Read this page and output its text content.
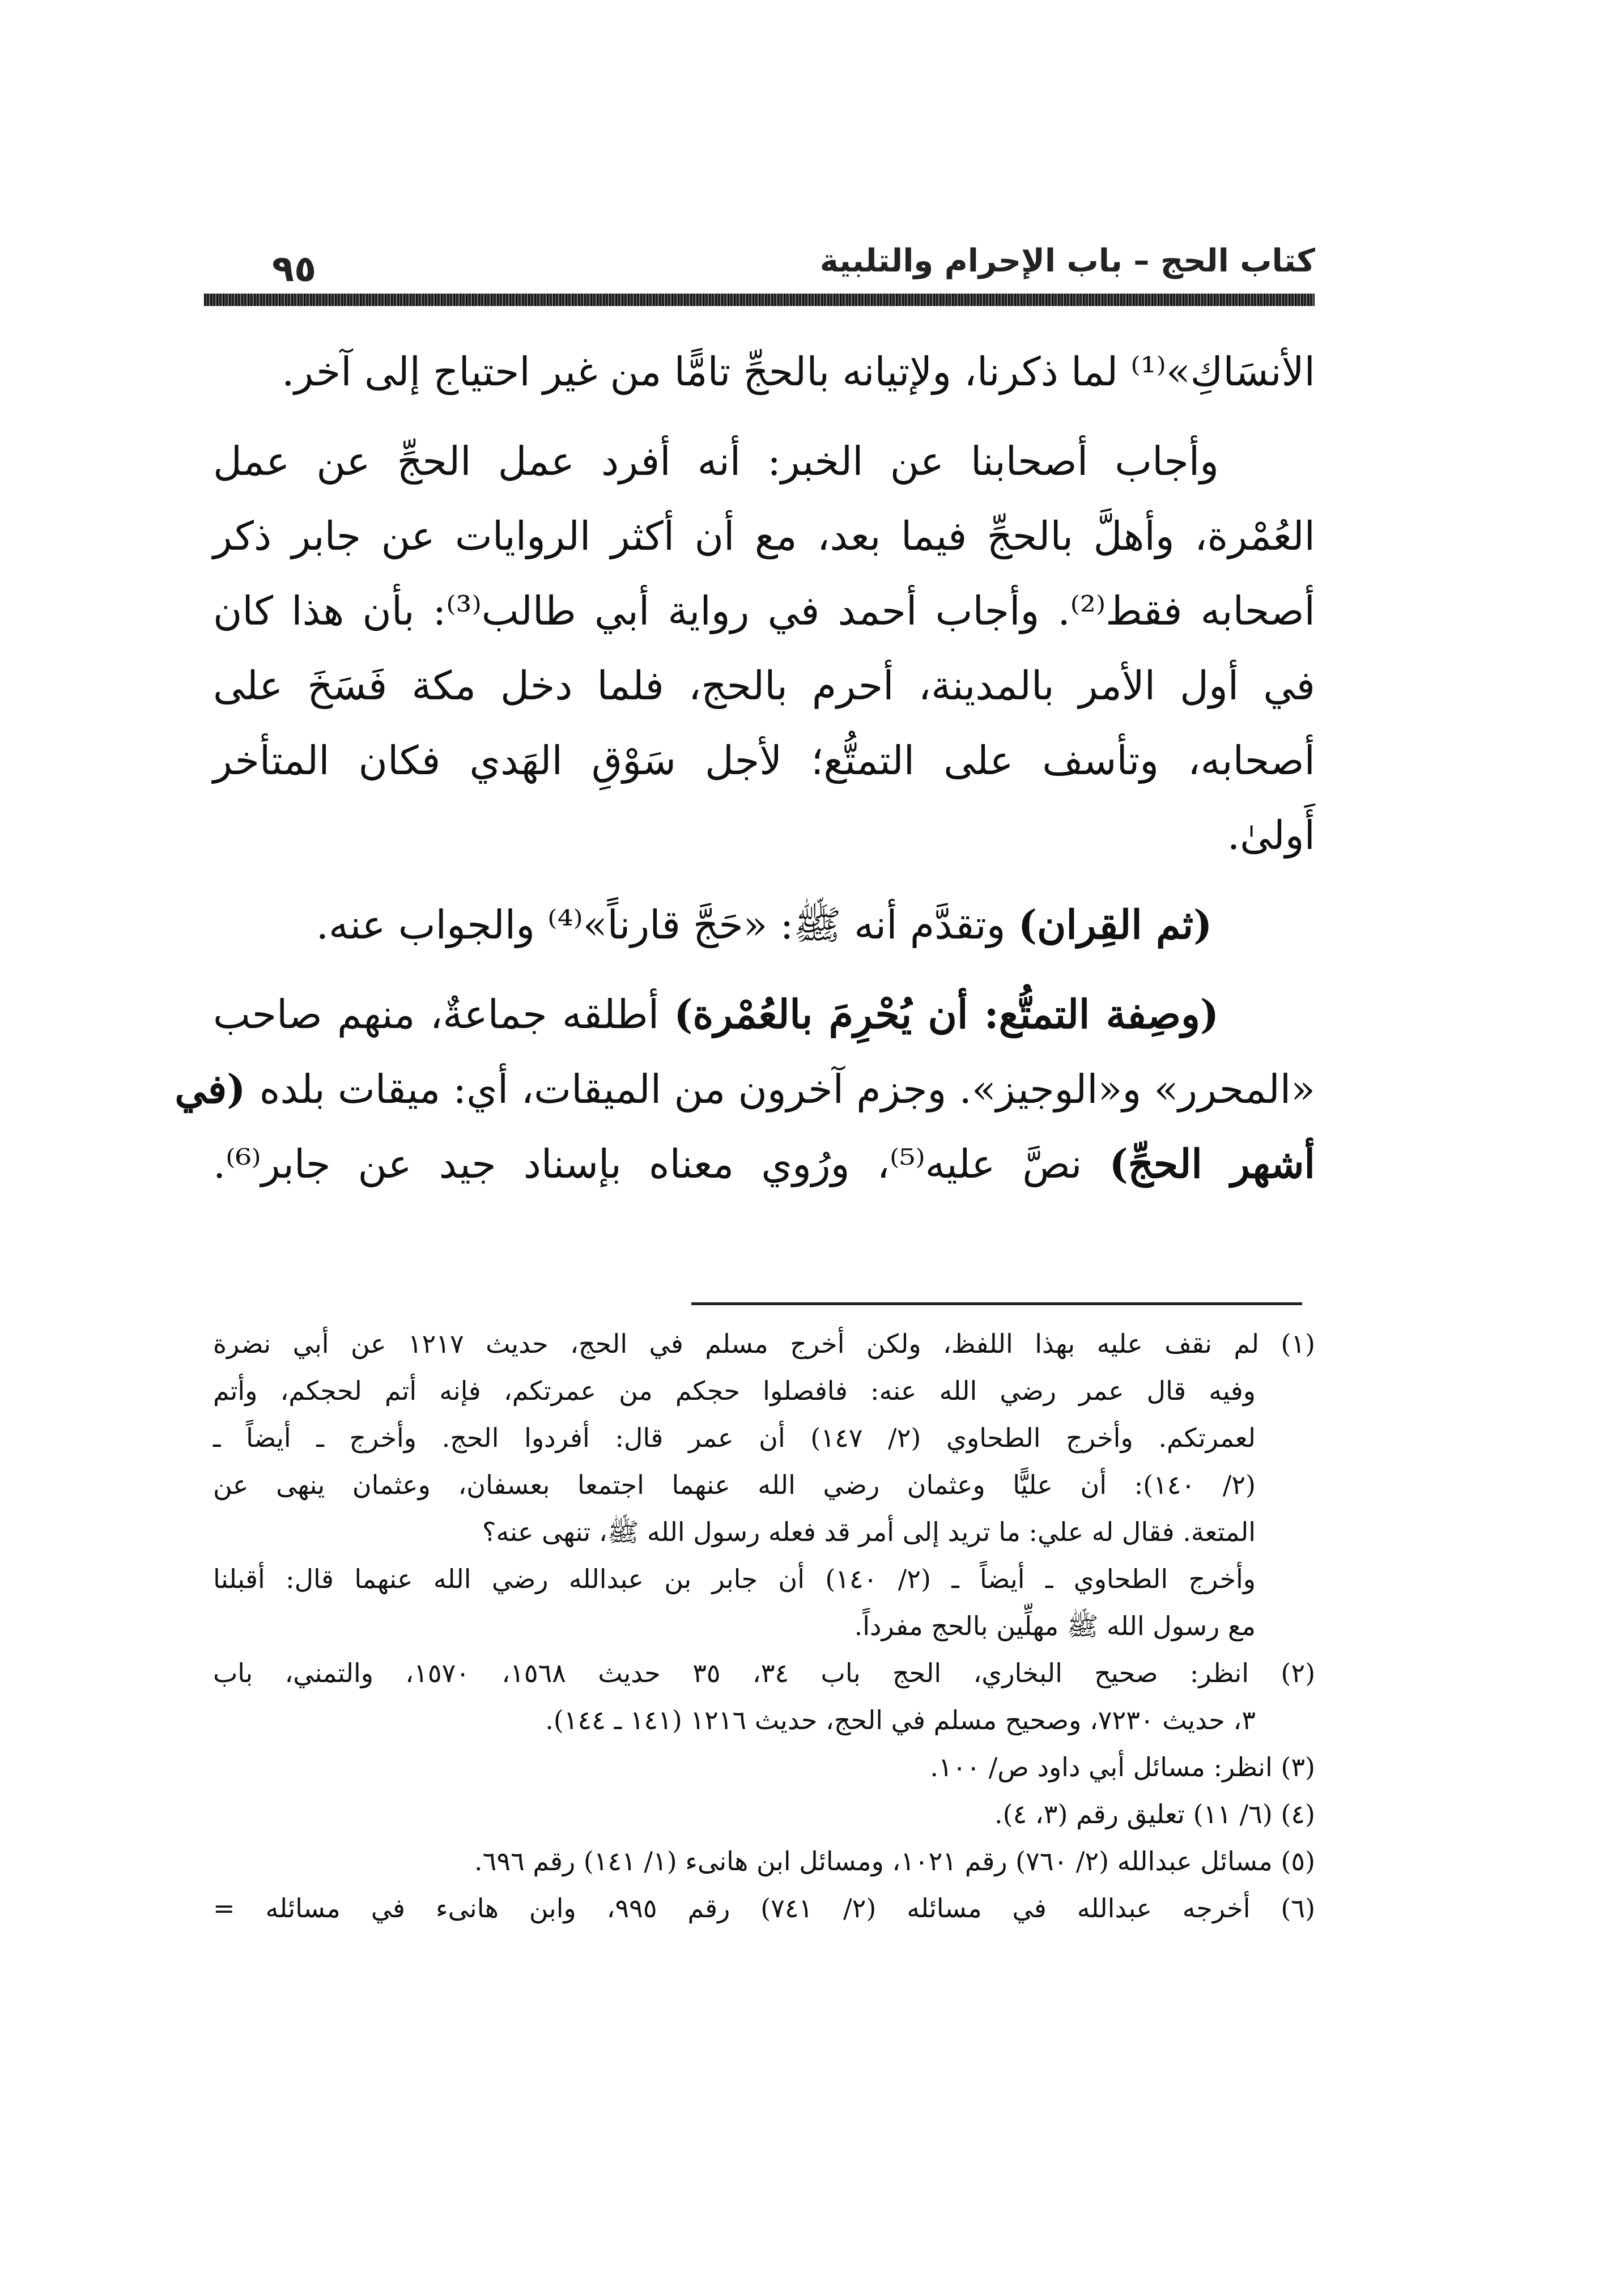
كتاب الحج – باب الإحرام والتلبية
٩٥
الأنسَاكِ»⁽¹⁾ لما ذكرنا، ولإتيانه بالحجِّ تامًّا من غير احتياج إلى آخر.
وأجاب أصحابنا عن الخبر: أنه أفرد عمل الحجِّ عن عمل
العُمْرة، وأهلَّ بالحجِّ فيما بعد، مع أن أكثر الروايات عن جابر ذكر
أصحابه فقط⁽²⁾. وأجاب أحمد في رواية أبي طالب⁽³⁾: بأن هذا كان
في أول الأمر بالمدينة، أحرم بالحج، فلما دخل مكة فَسَخَ على
أصحابه، وتأسف على التمتُّع؛ لأجل سَوْقِ الهَدي فكان المتأخر
أَولىٰ.
(ثم القِران) وتقدَّم أنه ﷺ: «حَجَّ قارناً»⁽⁴⁾ والجواب عنه.
(وصِفة التمتُّع: أن يُحْرِمَ بالعُمْرة) أطلقه جماعةٌ، منهم صاحب
«المحرر» و«الوجيز». وجزم آخرون من الميقات، أي: ميقات بلده (في
أشهر الحجِّ) نصَّ عليه⁽⁵⁾، ورُوي معناه بإسناد جيد عن جابر⁽⁶⁾.
(١) لم نقف عليه بهذا اللفظ، ولكن أخرج مسلم في الحج، حديث ١٢١٧ عن أبي نضرة
وفيه قال عمر رضي الله عنه: فافصلوا حجكم من عمرتكم، فإنه أتم لحجكم، وأتم
لعمرتكم. وأخرج الطحاوي (٢/ ١٤٧) أن عمر قال: أفردوا الحج. وأخرج ـ أيضاً ـ
(٢/ ١٤٠): أن عليًّا وعثمان رضي الله عنهما اجتمعا بعسفان، وعثمان ينهى عن
المتعة. فقال له علي: ما تريد إلى أمر قد فعله رسول الله ﷺ، تنهى عنه؟
وأخرج الطحاوي ـ أيضاً ـ (٢/ ١٤٠) أن جابر بن عبدالله رضي الله عنهما قال: أقبلنا
مع رسول الله ﷺ مهلِّين بالحج مفرداً.
(٢) انظر: صحيح البخاري، الحج باب ٣٤، ٣٥ حديث ١٥٦٨، ١٥٧٠، والتمني، باب
٣، حديث ٧٢٣٠، وصحيح مسلم في الحج، حديث ١٢١٦ (١٤١ ـ ١٤٤).
(٣) انظر: مسائل أبي داود ص/ ١٠٠.
(٤) (٦/ ١١) تعليق رقم (٣، ٤).
(٥) مسائل عبدالله (٢/ ٧٦٠) رقم ١٠٢١، ومسائل ابن هانىء (١/ ١٤١) رقم ٦٩٦.
(٦) أخرجه عبدالله في مسائله (٢/ ٧٤١) رقم ٩٩٥، وابن هانىء في مسائله =
